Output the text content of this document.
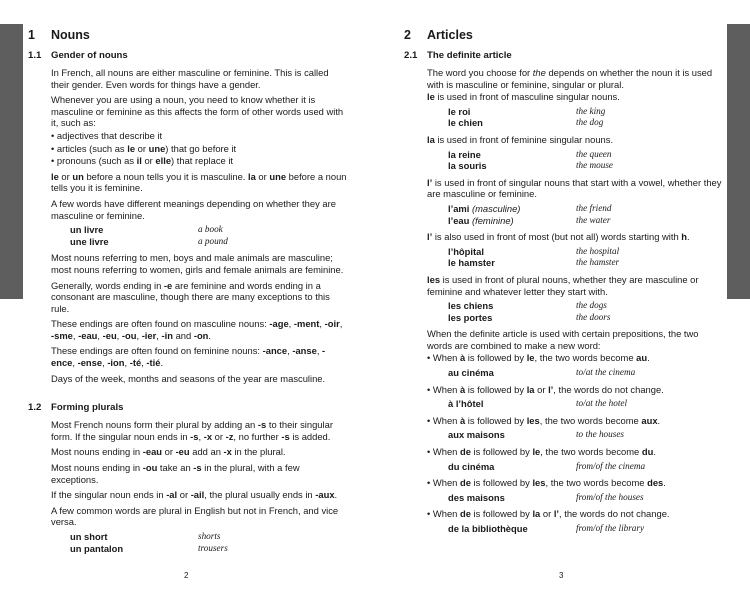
1	Nouns
1.1	Gender of nouns

In French, all nouns are either masculine or feminine. This is called their gender. Even words for things have a gender.

Whenever you are using a noun, you need to know whether it is masculine or feminine as this affects the form of other words used with it, such as:

• adjectives that describe it

• articles (such as le or une) that go before it

• pronouns (such as il or elle) that replace it

le or un before a noun tells you it is masculine. la or une before a noun tells you it is feminine.

A few words have different meanings depending on whether they are masculine or feminine.

un livre	a book
une livre	a pound

Most nouns referring to men, boys and male animals are masculine; most nouns referring to women, girls and female animals are feminine.

Generally, words ending in -e are feminine and words ending in a consonant are masculine, though there are many exceptions to this rule.

These endings are often found on masculine nouns: -age, -ment, -oir, -sme, -eau, -eu, -ou, -ier, -in and -on.

These endings are often found on feminine nouns: -ance, -anse, -ence, -ense, -ion, -té, -tié.

Days of the week, months and seasons of the year are masculine.

1.2	Forming plurals

Most French nouns form their plural by adding an -s to their singular form. If the singular noun ends in -s, -x or -z, no further -s is added.

Most nouns ending in -eau or -eu add an -x in the plural.

Most nouns ending in -ou take an -s in the plural, with a few exceptions.

If the singular noun ends in -al or -ail, the plural usually ends in -aux.

A few common words are plural in English but not in French, and vice versa.

un short	shorts
un pantalon	trousers
2
2	Articles
2.1	The definite article

The word you choose for the depends on whether the noun it is used with is masculine or feminine, singular or plural.

le is used in front of masculine singular nouns.

le roi	the king
le chien	the dog

la is used in front of feminine singular nouns.

la reine	the queen
la souris	the mouse

l’ is used in front of singular nouns that start with a vowel, whether they are masculine or feminine.

l’ami (masculine)	the friend
l’eau (feminine)	the water

l’ is also used in front of most (but not all) words starting with h.

l’hôpital	the hospital
le hamster	the hamster

les is used in front of plural nouns, whether they are masculine or feminine and whatever letter they start with.

les chiens	the dogs
les portes	the doors

When the definite article is used with certain prepositions, the two words are combined to make a new word:

• When à is followed by le, the two words become au.

au cinéma	to/at the cinema

• When à is followed by la or l’, the words do not change.

à l’hôtel	to/at the hotel

• When à is followed by les, the two words become aux.

aux maisons	to the houses

• When de is followed by le, the two words become du.

du cinéma	from/of the cinema

• When de is followed by les, the two words become des.

des maisons	from/of the houses

• When de is followed by la or l’, the words do not change.

de la bibliothèque	from/of the library
3
